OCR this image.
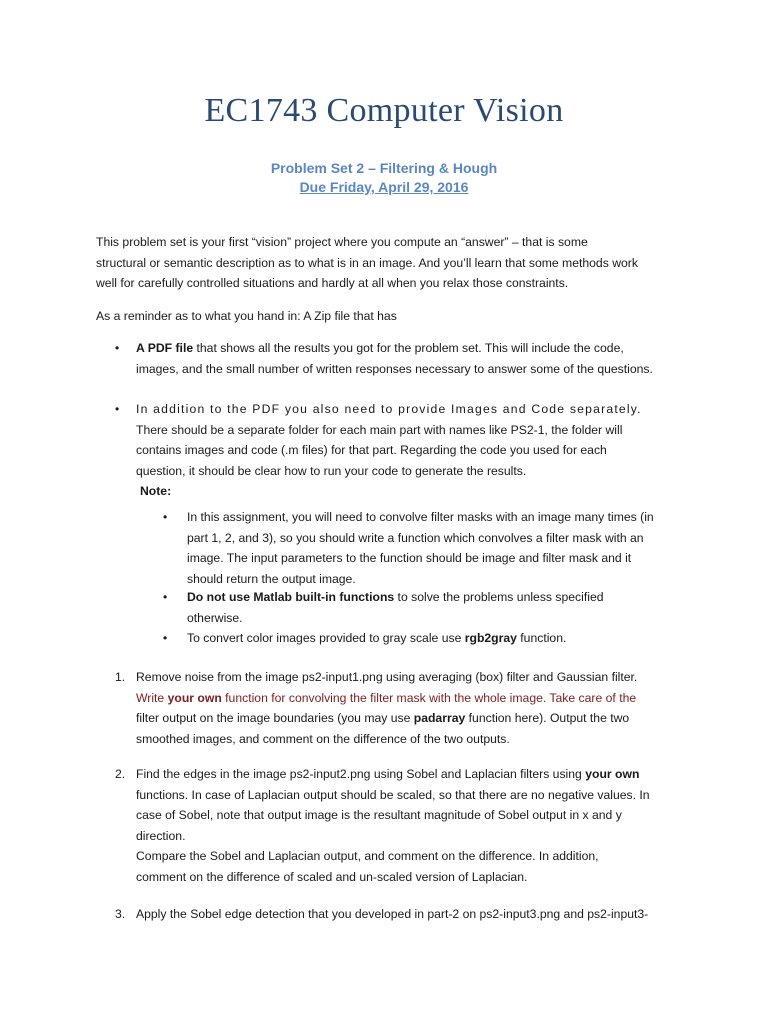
EC1743 Computer Vision
Problem Set 2 – Filtering & Hough
Due Friday, April 29, 2016
This problem set is your first “vision” project where you compute an “answer” – that is some
structural or semantic description as to what is in an image. And you’ll learn that some methods work
well for carefully controlled situations and hardly at all when you relax those constraints.
As a reminder as to what you hand in: A Zip file that has
• A PDF file that shows all the results you got for the problem set. This will include the code,
images, and the small number of written responses necessary to answer some of the questions.
• In addition to the PDF you also need to provide Images and Code separately.
There should be a separate folder for each main part with names like PS2-1, the folder will
contains images and code (.m files) for that part. Regarding the code you used for each
question, it should be clear how to run your code to generate the results.
Note:
• In this assignment, you will need to convolve filter masks with an image many times (in
part 1, 2, and 3), so you should write a function which convolves a filter mask with an
image. The input parameters to the function should be image and filter mask and it
should return the output image.
• Do not use Matlab built-in functions to solve the problems unless specified
otherwise.
• To convert color images provided to gray scale use rgb2gray function.
1. Remove noise from the image ps2-input1.png using averaging (box) filter and Gaussian filter.
Write your own function for convolving the filter mask with the whole image. Take care of the
filter output on the image boundaries (you may use padarray function here). Output the two
smoothed images, and comment on the difference of the two outputs.
2. Find the edges in the image ps2-input2.png using Sobel and Laplacian filters using your own
functions. In case of Laplacian output should be scaled, so that there are no negative values. In
case of Sobel, note that output image is the resultant magnitude of Sobel output in x and y
direction.
Compare the Sobel and Laplacian output, and comment on the difference. In addition,
comment on the difference of scaled and un-scaled version of Laplacian.
3. Apply the Sobel edge detection that you developed in part-2 on ps2-input3.png and ps2-input3-
